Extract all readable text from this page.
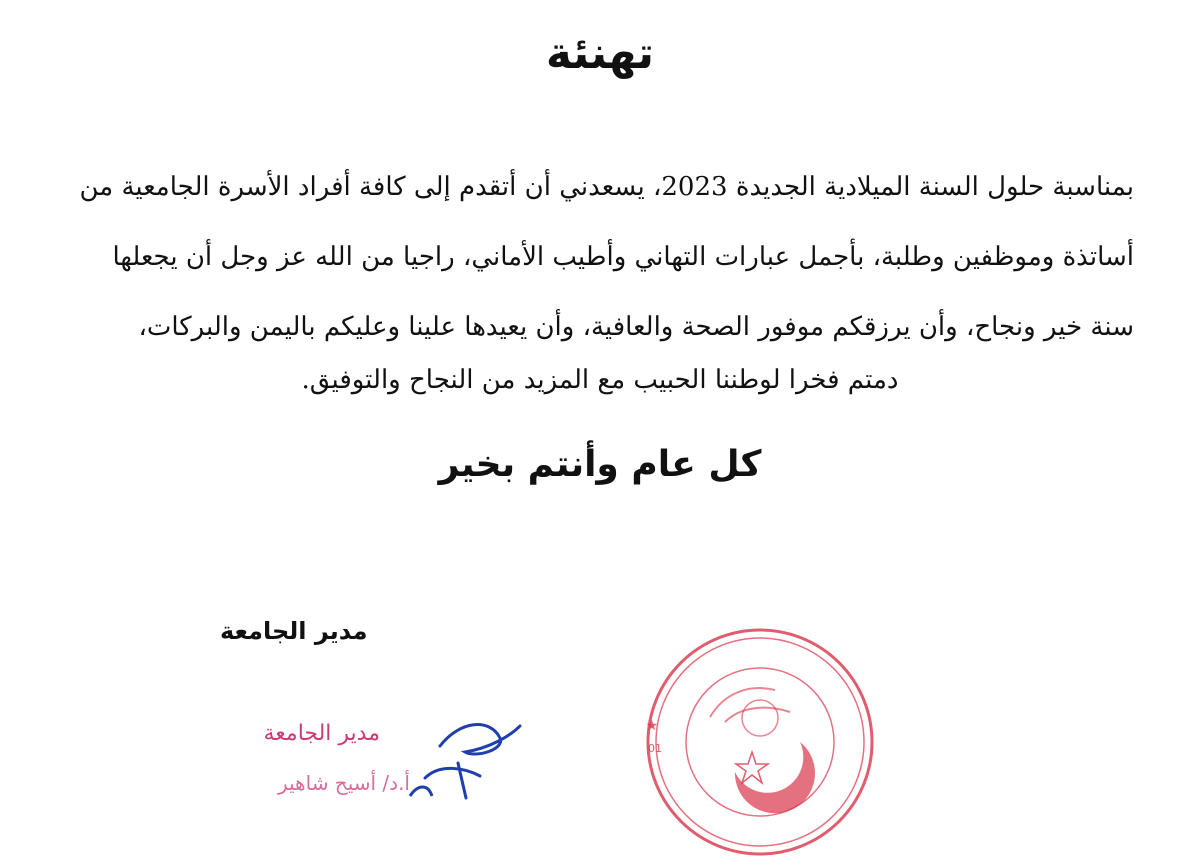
تهنئة
بمناسبة حلول السنة الميلادية الجديدة 2023، يسعدني أن أتقدم إلى كافة أفراد الأسرة الجامعية من
أساتذة وموظفين وطلبة، بأجمل عبارات التهاني وأطيب الأماني، راجيا من الله عز وجل أن يجعلها
سنة خير ونجاح، وأن يرزقكم موفور الصحة والعافية، وأن يعيدها علينا وعليكم باليمن والبركات،
دمتم فخرا لوطننا الحبيب مع المزيد من النجاح والتوفيق.
كل عام وأنتم بخير
مدير الجامعة
مدير الجامعة
أ.د/ أسيح شاهير
01
★
